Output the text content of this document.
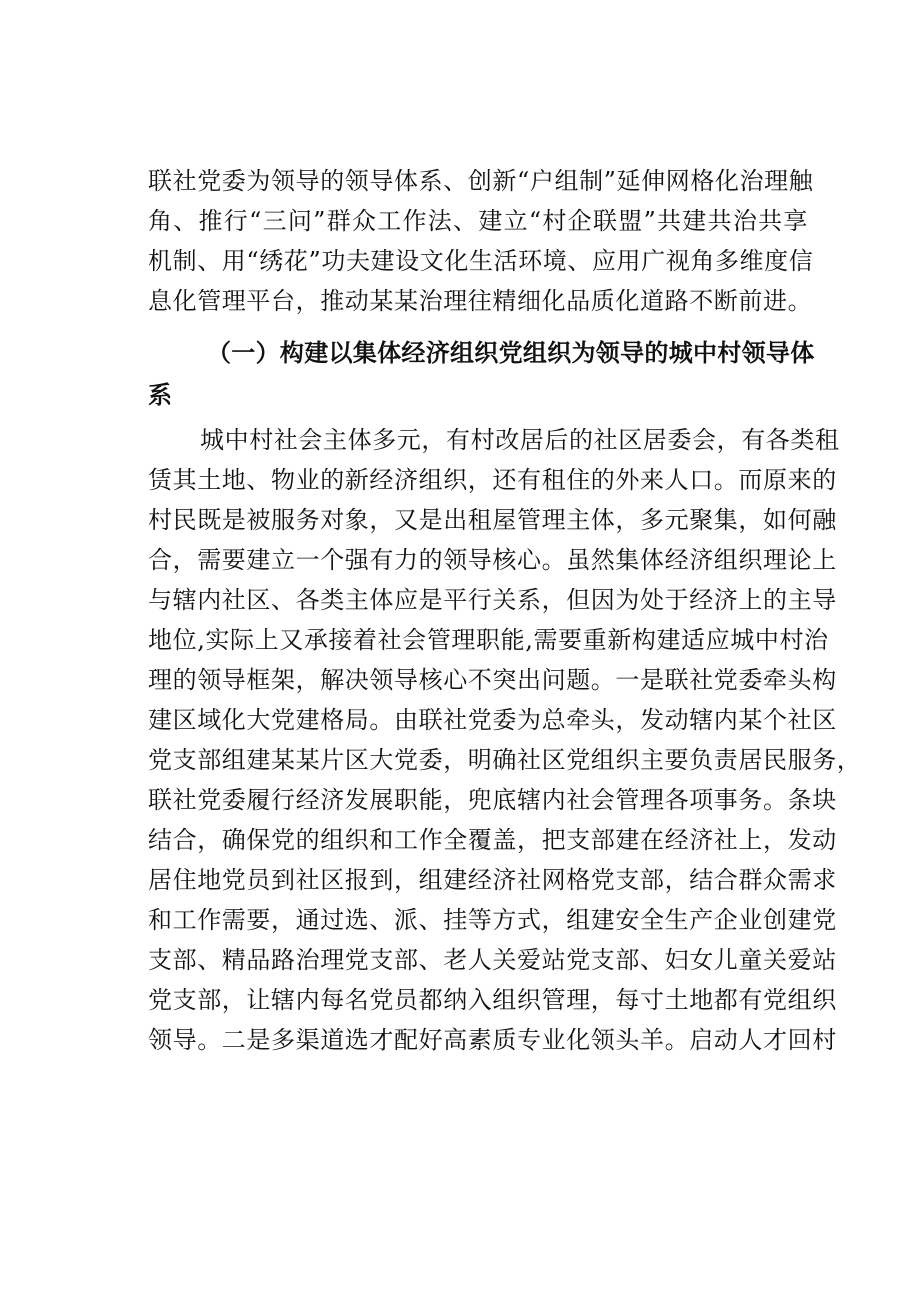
联社党委为领导的领导体系、创新“户组制”延伸网格化治理触
角、推行“三问”群众工作法、建立“村企联盟”共建共治共享
机制、用“绣花”功夫建设文化生活环境、应用广视角多维度信
息化管理平台，推动某某治理往精细化品质化道路不断前进。
（一）构建以集体经济组织党组织为领导的城中村领导体
系
城中村社会主体多元，有村改居后的社区居委会，有各类租
赁其土地、物业的新经济组织，还有租住的外来人口。而原来的
村民既是被服务对象，又是出租屋管理主体，多元聚集，如何融
合，需要建立一个强有力的领导核心。虽然集体经济组织理论上
与辖内社区、各类主体应是平行关系，但因为处于经济上的主导
地位,实际上又承接着社会管理职能,需要重新构建适应城中村治
理的领导框架，解决领导核心不突出问题。一是联社党委牵头构
建区域化大党建格局。由联社党委为总牵头，发动辖内某个社区
党支部组建某某片区大党委，明确社区党组织主要负责居民服务，
联社党委履行经济发展职能，兜底辖内社会管理各项事务。条块
结合，确保党的组织和工作全覆盖，把支部建在经济社上，发动
居住地党员到社区报到，组建经济社网格党支部，结合群众需求
和工作需要，通过选、派、挂等方式，组建安全生产企业创建党
支部、精品路治理党支部、老人关爱站党支部、妇女儿童关爱站
党支部，让辖内每名党员都纳入组织管理，每寸土地都有党组织
领导。二是多渠道选才配好高素质专业化领头羊。启动人才回村
